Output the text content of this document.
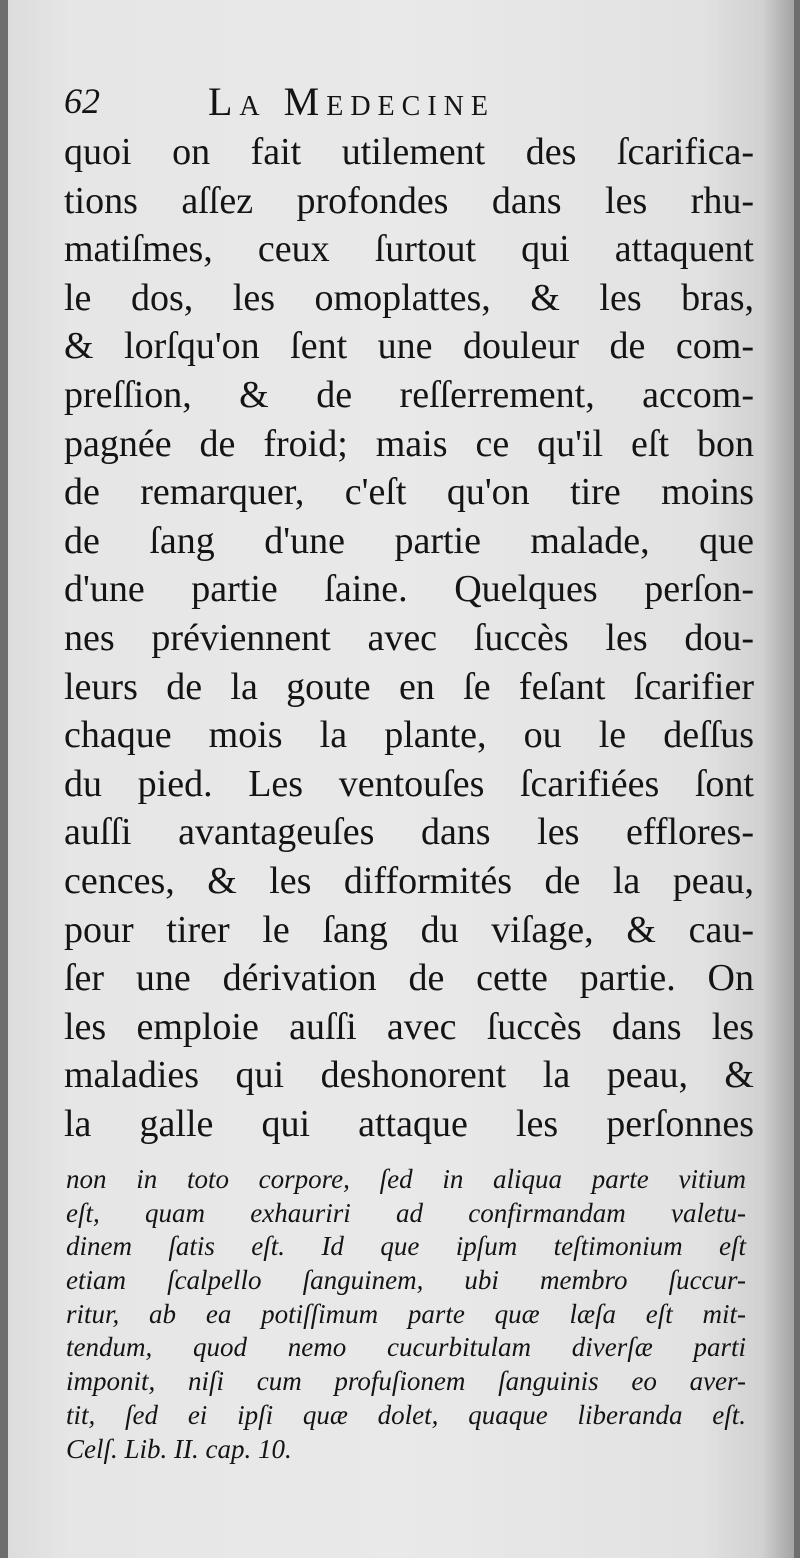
62	La Medecine
quoi on fait utilement des ſcarifica-
tions aſſez profondes dans les rhu-
matiſmes, ceux ſurtout qui attaquent
le dos, les omoplattes, & les bras,
& lorſqu'on ſent une douleur de com-
preſſion, & de reſſerrement, accom-
pagnée de froid; mais ce qu'il eſt bon
de remarquer, c'eſt qu'on tire moins
de ſang d'une partie malade, que
d'une partie ſaine. Quelques perſon-
nes préviennent avec ſuccès les dou-
leurs de la goute en ſe feſant ſcarifier
chaque mois la plante, ou le deſſus
du pied. Les ventouſes ſcarifiées ſont
auſſi avantageuſes dans les efflores-
cences, & les difformités de la peau,
pour tirer le ſang du viſage, & cau-
ſer une dérivation de cette partie. On
les emploie auſſi avec ſuccès dans les
maladies qui deshonorent la peau, &
la galle qui attaque les perſonnes
non in toto corpore, ſed in aliqua parte vitium
eſt, quam exhauriri ad confirmandam valetu-
dinem ſatis eſt. Id que ipſum teſtimonium eſt
etiam ſcalpello ſanguinem, ubi membro ſuccur-
ritur, ab ea potiſſimum parte quæ læſa eſt mit-
tendum, quod nemo cucurbitulam diverſæ parti
imponit, niſi cum profuſionem ſanguinis eo aver-
tit, ſed ei ipſi quæ dolet, quaque liberanda eſt.
Celſ. Lib. II. cap. 10.
